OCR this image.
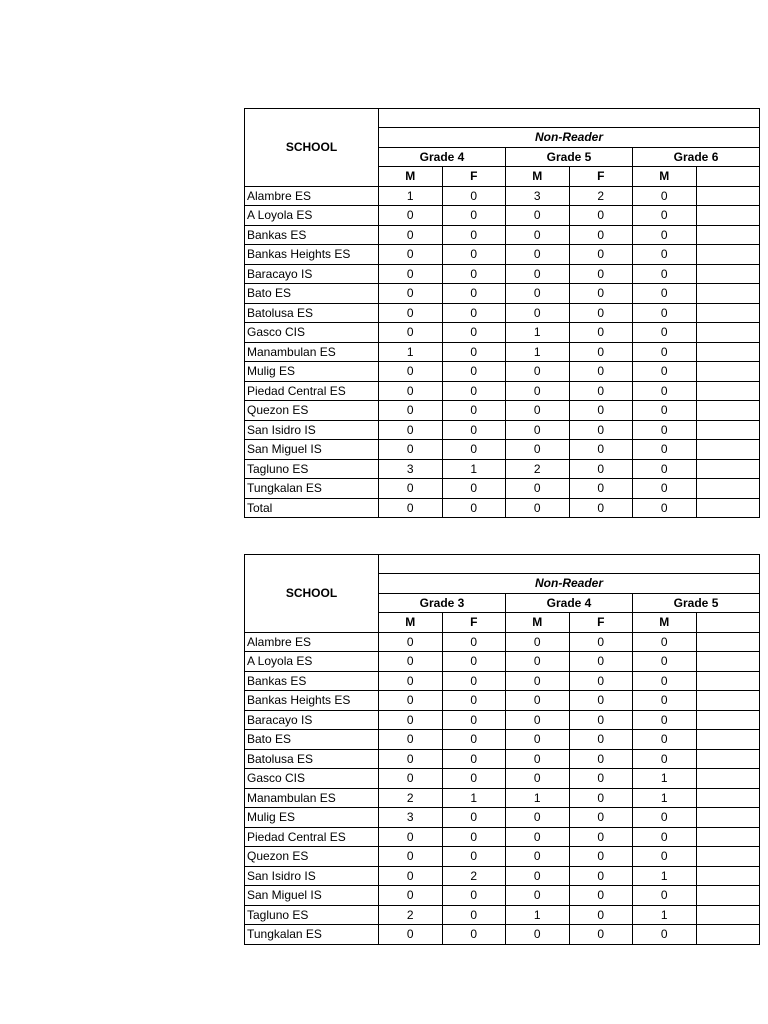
SCHOOL						
	Non-Reader					
	Grade 4		Grade 5		Grade 6	
	M	F	M	F	M	
Alambre ES	1	0	3	2	0	
A Loyola ES	0	0	0	0	0	
Bankas ES	0	0	0	0	0	
Bankas Heights ES	0	0	0	0	0	
Baracayo IS	0	0	0	0	0	
Bato ES	0	0	0	0	0	
Batolusa ES	0	0	0	0	0	
Gasco CIS	0	0	1	0	0	
Manambulan ES	1	0	1	0	0	
Mulig ES	0	0	0	0	0	
Piedad Central ES	0	0	0	0	0	
Quezon ES	0	0	0	0	0	
San Isidro IS	0	0	0	0	0	
San Miguel IS	0	0	0	0	0	
Tagluno ES	3	1	2	0	0	
Tungkalan ES	0	0	0	0	0	
Total	0	0	0	0	0	
SCHOOL						
	Non-Reader					
	Grade 3		Grade 4		Grade 5	
	M	F	M	F	M	
Alambre ES	0	0	0	0	0	
A Loyola ES	0	0	0	0	0	
Bankas ES	0	0	0	0	0	
Bankas Heights ES	0	0	0	0	0	
Baracayo IS	0	0	0	0	0	
Bato ES	0	0	0	0	0	
Batolusa ES	0	0	0	0	0	
Gasco CIS	0	0	0	0	1	
Manambulan ES	2	1	1	0	1	
Mulig ES	3	0	0	0	0	
Piedad Central ES	0	0	0	0	0	
Quezon ES	0	0	0	0	0	
San Isidro IS	0	2	0	0	1	
San Miguel IS	0	0	0	0	0	
Tagluno ES	2	0	1	0	1	
Tungkalan ES	0	0	0	0	0	
